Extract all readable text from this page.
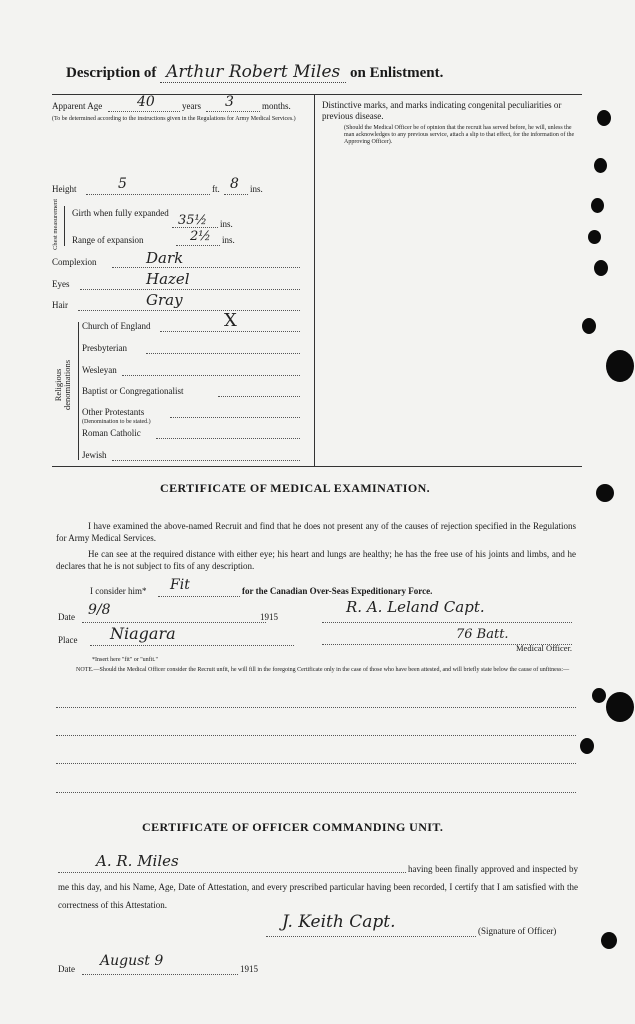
Description of Arthur Robert Miles on Enlistment.
Apparent Age 40	years 3	months.
(To be determined according to the instructions given in the Regulations for Army Medical Services.)
Height	5	ft. 8 ins.
Chest measurement Girth when fully expanded 35½ ins.
Range of expansion	2½ ins.
Complexion	Dark
Eyes	Hazel
Hair	Gray
Religious denominations
Church of England	X
Presbyterian
Wesleyan
Baptist or Congregationalist
Other Protestants
(Denomination to be stated.)
Roman Catholic
Jewish
Distinctive marks, and marks indicating congenital peculiarities or previous disease.
(Should the Medical Officer be of opinion that the recruit has served before, he will, unless the man acknowledges to any previous service, attach a slip to that effect, for the information of the Approving Officer).
CERTIFICATE OF MEDICAL EXAMINATION.
I have examined the above-named Recruit and find that he does not present any of the causes of rejection specified in the Regulations for Army Medical Services.
He can see at the required distance with either eye; his heart and lungs are healthy; he has the free use of his joints and limbs, and he declares that he is not subject to fits of any description.
I consider him* Fit	for the Canadian Over-Seas Expeditionary Force.
Date 9/8	1915
R. A. Leland Capt.
Place Niagara	76 Batt.
Medical Officer.
*Insert here "fit" or "unfit."
NOTE.—Should the Medical Officer consider the Recruit unfit, he will fill in the foregoing Certificate only in the case of those who have been attested, and will briefly state below the cause of unfitness:—
CERTIFICATE OF OFFICER COMMANDING UNIT.
A. R. Miles	having been finally approved and inspected by me this day, and his Name, Age, Date of Attestation, and every prescribed particular having been recorded, I certify that I am satisfied with the correctness of this Attestation.
J. Keith Capt.	(Signature of Officer)
Date August 9	1915
